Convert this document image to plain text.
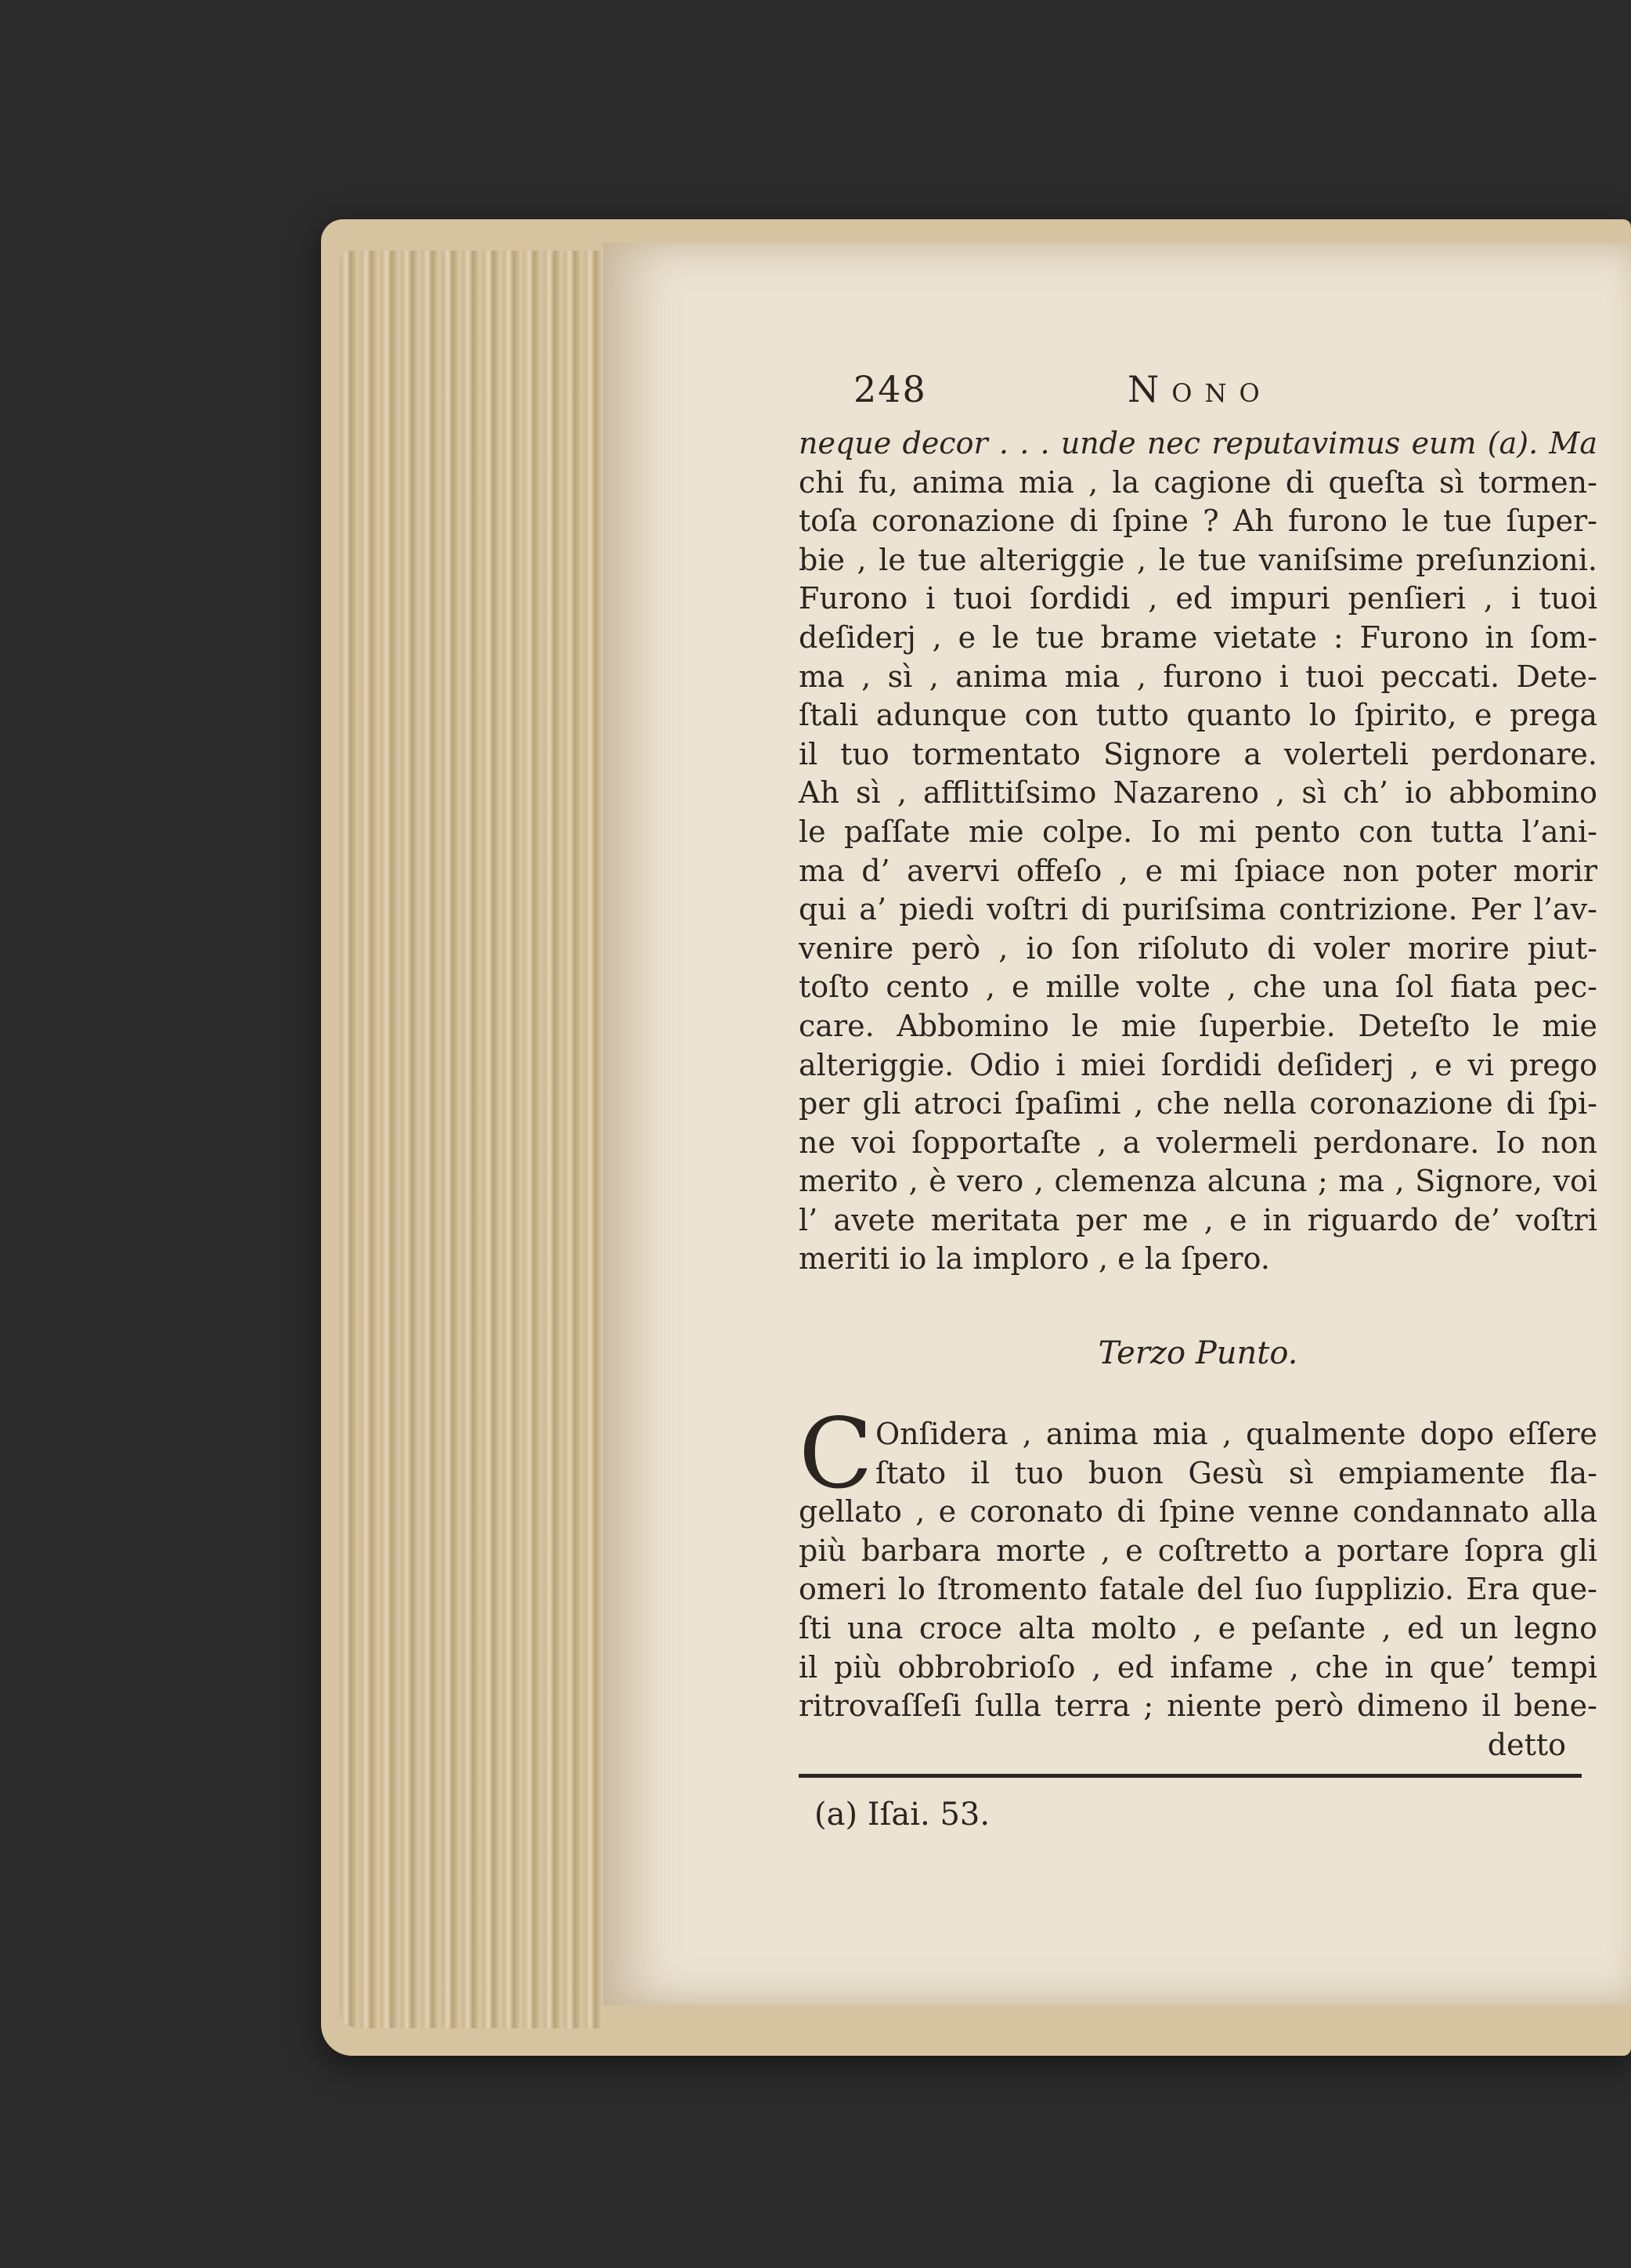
248	Nono
neque decor . . . unde nec reputavimus eum (a). Ma
chi fu, anima mia , la cagione di queſta sì tormen-
toſa coronazione di ſpine ? Ah furono le tue ſuper-
bie , le tue alteriggie , le tue vaniſsime preſunzioni.
Furono i tuoi ſordidi , ed impuri penſieri , i tuoi
deſiderj , e le tue brame vietate : Furono in ſom-
ma , sì , anima mia , furono i tuoi peccati. Dete-
ſtali adunque con tutto quanto lo ſpirito, e prega
il tuo tormentato Signore a volerteli perdonare.
Ah sì , afflittiſsimo Nazareno , sì ch’ io abbomino
le paſſate mie colpe. Io mi pento con tutta l’ani-
ma d’ avervi offeſo , e mi ſpiace non poter morir
qui a’ piedi voſtri di puriſsima contrizione. Per l’av-
venire però , io ſon riſoluto di voler morire piut-
toſto cento , e mille volte , che una ſol fiata pec-
care. Abbomino le mie ſuperbie. Deteſto le mie
alteriggie. Odio i miei ſordidi deſiderj , e vi prego
per gli atroci ſpaſimi , che nella coronazione di ſpi-
ne voi ſopportaſte , a volermeli perdonare. Io non
merito , è vero , clemenza alcuna ; ma , Signore, voi
l’ avete meritata per me , e in riguardo de’ voſtri
meriti io la imploro , e la ſpero.
Terzo Punto.
C Onſidera , anima mia , qualmente dopo eſſere
ſtato il tuo buon Gesù sì empiamente fla-
gellato , e coronato di ſpine venne condannato alla
più barbara morte , e coſtretto a portare ſopra gli
omeri lo ſtromento fatale del ſuo ſupplizio. Era que-
ſti una croce alta molto , e peſante , ed un legno
il più obbrobrioſo , ed infame , che in que’ tempi
ritrovaſſeſi ſulla terra ; niente però dimeno il bene-
detto
(a) Iſai. 53.
